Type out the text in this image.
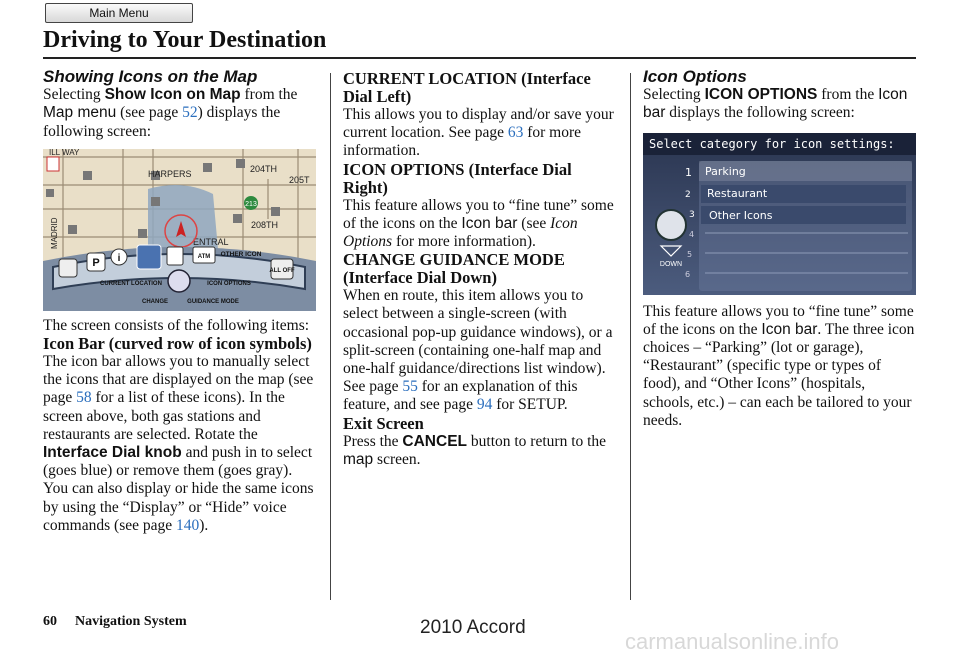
Main Menu
Driving to Your Destination

Showing Icons on the Map

Selecting Show Icon on Map from the Map menu (see page 52) displays the following screen:

ILL WAY
HARPERS	204TH
205T
208TH
MADRID	ENTRAL
213
P i	ATM OTHER ICON
ALL OFF
CURRENT LOCATION	ICON OPTIONS
CHANGE	GUIDANCE MODE

The screen consists of the following items:

Icon Bar (curved row of icon symbols)

The icon bar allows you to manually select the icons that are displayed on the map (see page 58 for a list of these icons). In the screen above, both gas stations and restaurants are selected. Rotate the Interface Dial knob and push in to select (goes blue) or remove them (goes gray). You can also display or hide the same icons by using the “Display” or “Hide” voice commands (see page 140).

CURRENT LOCATION (Interface Dial Left)

This allows you to display and/or save your current location. See page 63 for more information.

ICON OPTIONS (Interface Dial Right)

This feature allows you to “fine tune” some of the icons on the Icon bar (see Icon Options for more information).

CHANGE GUIDANCE MODE (Interface Dial Down)

When en route, this item allows you to select between a single-screen (with occasional pop-up guidance windows), or a split-screen (containing one-half map and one-half guidance/directions list window). See page 55 for an explanation of this feature, and see page 94 for SETUP.

Exit Screen

Press the CANCEL button to return to the map screen.

Icon Options

Selecting ICON OPTIONS from the Icon bar displays the following screen:

Select category for icon settings:
1 Parking
2 Restaurant
3 Other Icons
4
5
6
DOWN

This feature allows you to “fine tune” some of the icons on the Icon bar. The three icon choices – “Parking” (lot or garage), “Restaurant” (specific type or types of food), and “Other Icons” (hospitals, schools, etc.) – can each be tailored to your needs.

60 Navigation System	2010 Accord
carmanualsonline.info
